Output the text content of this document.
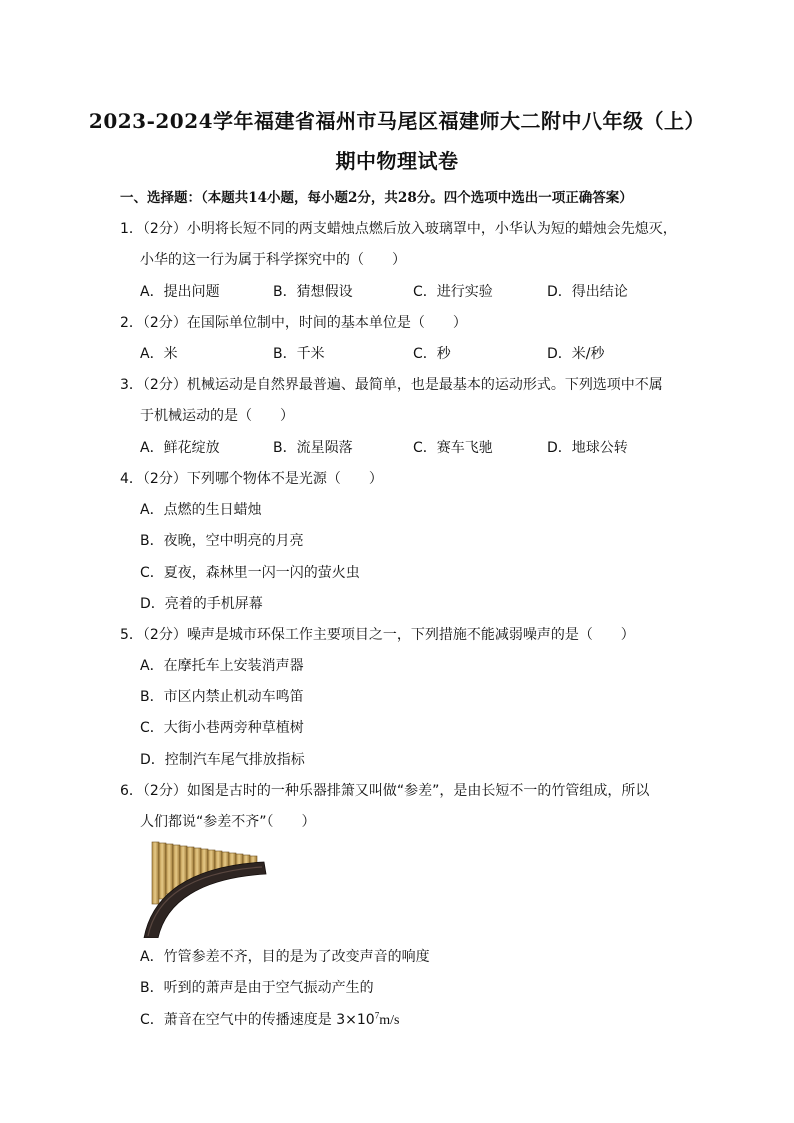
2023-2024学年福建省福州市马尾区福建师大二附中八年级（上）
期中物理试卷
一、选择题：（本题共14小题，每小题2分，共28分。四个选项中选出一项正确答案）
1．（2分）小明将长短不同的两支蜡烛点燃后放入玻璃罩中，小华认为短的蜡烛会先熄灭，
小华的这一行为属于科学探究中的（　　）
A．提出问题	B．猜想假设	C．进行实验	D．得出结论
2．（2分）在国际单位制中，时间的基本单位是（　　）
A．米	B．千米	C．秒	D．米/秒
3．（2分）机械运动是自然界最普遍、最简单，也是最基本的运动形式。下列选项中不属
于机械运动的是（　　）
A．鲜花绽放	B．流星陨落	C．赛车飞驰	D．地球公转
4．（2分）下列哪个物体不是光源（　　）
A．点燃的生日蜡烛
B．夜晚，空中明亮的月亮
C．夏夜，森林里一闪一闪的萤火虫
D．亮着的手机屏幕
5．（2分）噪声是城市环保工作主要项目之一，下列措施不能减弱噪声的是（　　）
A．在摩托车上安装消声器
B．市区内禁止机动车鸣笛
C．大街小巷两旁种草植树
D．控制汽车尾气排放指标
6．（2分）如图是古时的一种乐器排箫又叫做“参差”，是由长短不一的竹管组成，所以
人们都说“参差不齐”（　　）
A．竹管参差不齐，目的是为了改变声音的响度
B．听到的萧声是由于空气振动产生的
C．萧音在空气中的传播速度是 $3\times 10^7m/s$
